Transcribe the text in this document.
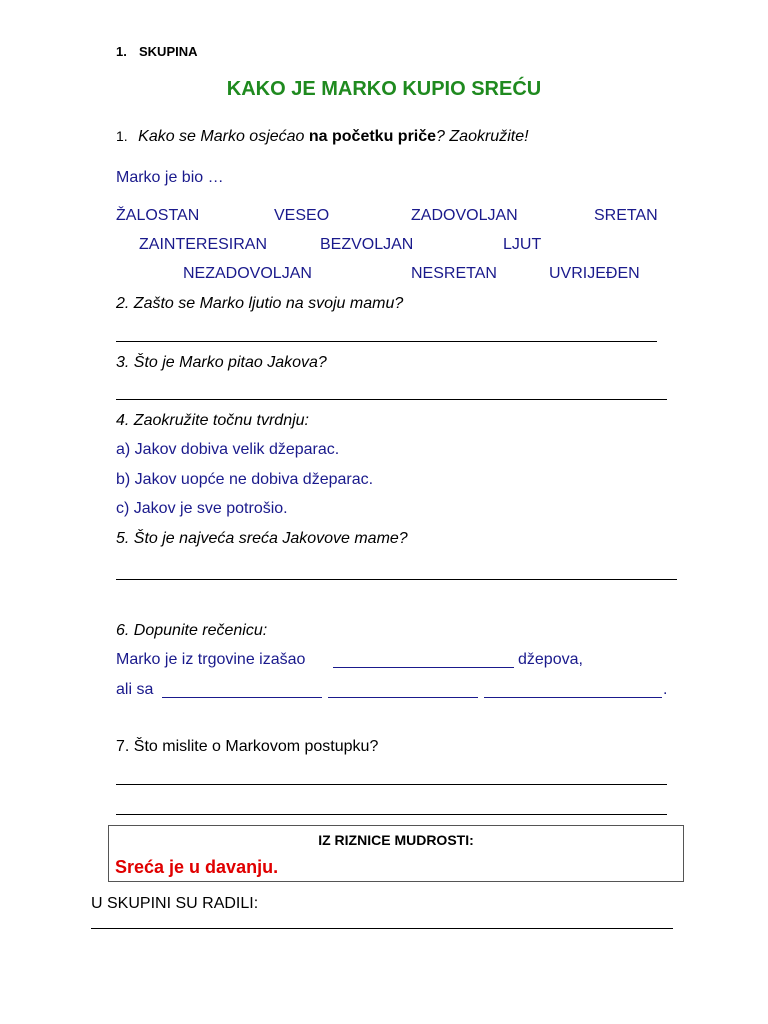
1. SKUPINA
KAKO JE MARKO KUPIO SREĆU
1. Kako se Marko osjećao na početku priče? Zaokružite!
Marko je bio …
ŽALOSTAN	VESEO	ZADOVOLJAN	SRETAN
ZAINTERESIRAN	BEZVOLJAN	LJUT
NEZADOVOLJAN	NESRETAN	UVRIJEĐEN
2. Zašto se Marko ljutio na svoju mamu?
3. Što je Marko pitao Jakova?
4. Zaokružite točnu tvrdnju:
a) Jakov dobiva velik džeparac.
b) Jakov uopće ne dobiva džeparac.
c) Jakov je sve potrošio.
5. Što je najveća sreća Jakovove mame?
6. Dopunite rečenicu:
Marko je iz trgovine izašao	džepova,
ali sa	.
7. Što mislite o Markovom postupku?
IZ RIZNICE MUDROSTI:
Sreća je u davanju.
U SKUPINI SU RADILI:
